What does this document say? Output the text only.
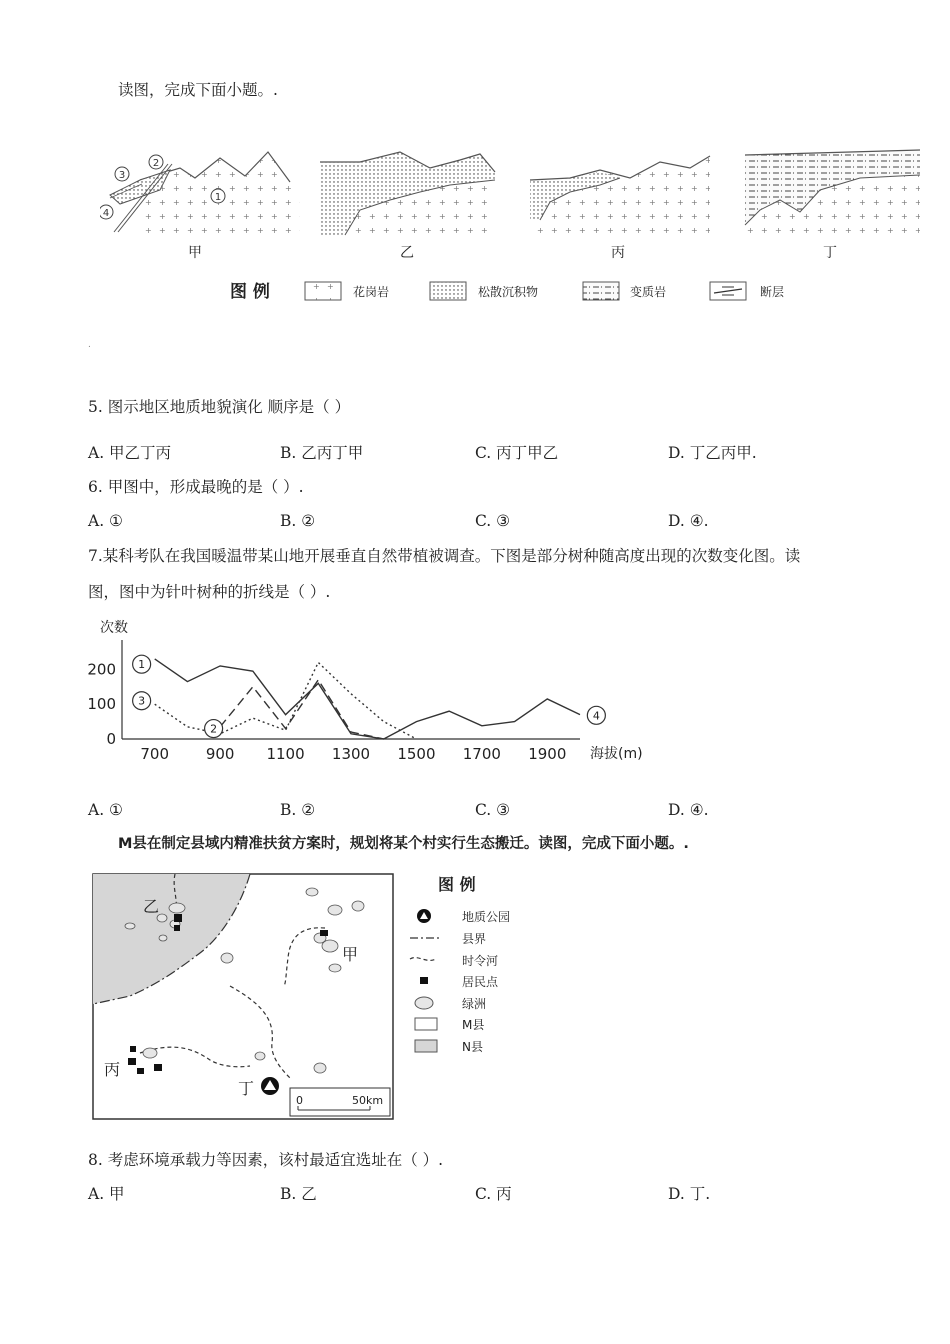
读图，完成下面小题。.
3
2
1
4
甲	乙	丙	丁
图 例	花岗岩	松散沉积物	变质岩	断层
.
5. 图示地区地质地貌演化 顺序是（ ）
A. 甲乙丁丙	B. 乙丙丁甲	C. 丙丁甲乙	D. 丁乙丙甲.
6. 甲图中，形成最晚的是（ ）.
A. ①	B. ②	C. ③	D. ④.
7.某科考队在我国暖温带某山地开展垂直自然带植被调查。下图是部分树种随高度出现的次数变化图。读
图，图中为针叶树种的折线是（ ）.
次数
海拔(m)
0
100
200
700 900 1100 1300 1500 1700 1900
1
2
3
4
A. ①	B. ②	C. ③	D. ④.
M县在制定县域内精准扶贫方案时，规划将某个村实行生态搬迁。读图，完成下面小题。.
乙
甲
丙
丁
0	50km
图 例
地质公园
县界
时令河
居民点
绿洲
M县
N县
8. 考虑环境承载力等因素，该村最适宜选址在（ ）.
A. 甲	B. 乙	C. 丙	D. 丁.
